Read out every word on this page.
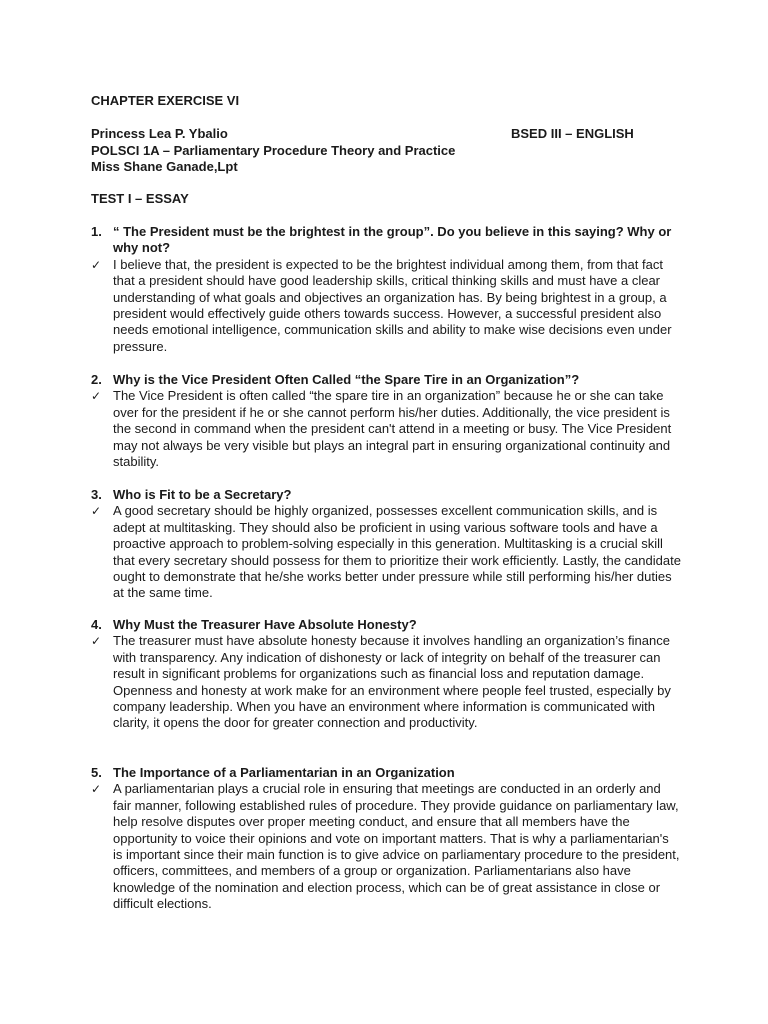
CHAPTER EXERCISE VI
Princess Lea P. Ybalio	BSED III – ENGLISH
POLSCI 1A – Parliamentary Procedure Theory and Practice
Miss Shane Ganade,Lpt
TEST I – ESSAY
1. “ The President must be the brightest in the group”. Do you believe in this saying? Why or why not?
✓ I believe that, the president is expected to be the brightest individual among them, from that fact that a president should have good leadership skills, critical thinking skills and must have a clear understanding of what goals and objectives an organization has. By being brightest in a group, a president would effectively guide others towards success. However, a successful president also needs emotional intelligence, communication skills and ability to make wise decisions even under pressure.
2. Why is the Vice President Often Called “the Spare Tire in an Organization”?
✓ The Vice President is often called “the spare tire in an organization” because he or she can take over for the president if he or she cannot perform his/her duties. Additionally, the vice president is the second in command when the president can't attend in a meeting or busy. The Vice President may not always be very visible but plays an integral part in ensuring organizational continuity and stability.
3. Who is Fit to be a Secretary?
✓ A good secretary should be highly organized, possesses excellent communication skills, and is adept at multitasking. They should also be proficient in using various software tools and have a proactive approach to problem-solving especially in this generation. Multitasking is a crucial skill that every secretary should possess for them to prioritize their work efficiently. Lastly, the candidate ought to demonstrate that he/she works better under pressure while still performing his/her duties at the same time.
4. Why Must the Treasurer Have Absolute Honesty?
✓ The treasurer must have absolute honesty because it involves handling an organization’s finance with transparency. Any indication of dishonesty or lack of integrity on behalf of the treasurer can result in significant problems for organizations such as financial loss and reputation damage. Openness and honesty at work make for an environment where people feel trusted, especially by company leadership. When you have an environment where information is communicated with clarity, it opens the door for greater connection and productivity.
5. The Importance of a Parliamentarian in an Organization
✓ A parliamentarian plays a crucial role in ensuring that meetings are conducted in an orderly and fair manner, following established rules of procedure. They provide guidance on parliamentary law, help resolve disputes over proper meeting conduct, and ensure that all members have the opportunity to voice their opinions and vote on important matters. That is why a parliamentarian's is important since their main function is to give advice on parliamentary procedure to the president, officers, committees, and members of a group or organization. Parliamentarians also have knowledge of the nomination and election process, which can be of great assistance in close or difficult elections.
